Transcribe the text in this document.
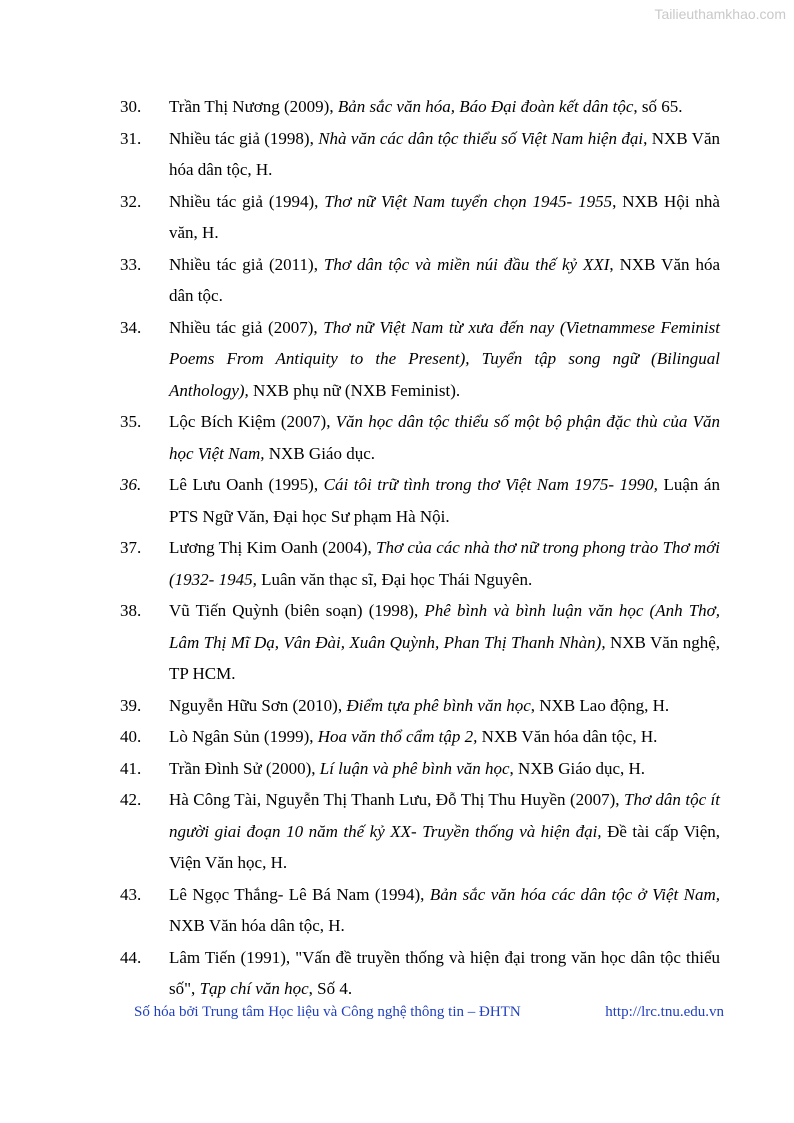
Tailieuthamkhao.com
30.	Trần Thị Nương (2009), Bản sắc văn hóa, Báo Đại đoàn kết dân tộc, số 65.
31.	Nhiều tác giả (1998), Nhà văn các dân tộc thiểu số Việt Nam hiện đại, NXB Văn hóa dân tộc, H.
32.	Nhiều tác giả (1994), Thơ nữ Việt Nam tuyển chọn 1945- 1955, NXB Hội nhà văn, H.
33.	Nhiều tác giả (2011), Thơ dân tộc và miền núi đầu thế kỷ XXI, NXB Văn hóa dân tộc.
34.	Nhiều tác giả (2007), Thơ nữ Việt Nam từ xưa đến nay (Vietnammese Feminist Poems From Antiquity to the Present), Tuyển tập song ngữ (Bilingual Anthology), NXB phụ nữ (NXB Feminist).
35.	Lộc Bích Kiệm (2007), Văn học dân tộc thiểu số một bộ phận đặc thù của Văn học Việt Nam, NXB Giáo dục.
36.	Lê Lưu Oanh (1995), Cái tôi trữ tình trong thơ Việt Nam 1975- 1990, Luận án PTS Ngữ Văn, Đại học Sư phạm Hà Nội.
37.	Lương Thị Kim Oanh (2004), Thơ của các nhà thơ nữ trong phong trào Thơ mới (1932- 1945, Luân văn thạc sĩ, Đại học Thái Nguyên.
38.	Vũ Tiến Quỳnh (biên soạn) (1998), Phê bình và bình luận văn học (Anh Thơ, Lâm Thị Mĩ Dạ, Vân Đài, Xuân Quỳnh, Phan Thị Thanh Nhàn), NXB Văn nghệ, TP HCM.
39.	Nguyễn Hữu Sơn (2010), Điểm tựa phê bình văn học, NXB Lao động, H.
40.	Lò Ngân Sủn (1999), Hoa văn thổ cẩm tập 2, NXB Văn hóa dân tộc, H.
41.	Trần Đình Sử (2000), Lí luận và phê bình văn học, NXB Giáo dục, H.
42.	Hà Công Tài, Nguyễn Thị Thanh Lưu, Đỗ Thị Thu Huyền (2007), Thơ dân tộc ít người giai đoạn 10 năm thế kỷ XX- Truyền thống và hiện đại, Đề tài cấp Viện, Viện Văn học, H.
43.	Lê Ngọc Thắng- Lê Bá Nam (1994), Bản sắc văn hóa các dân tộc ở Việt Nam, NXB Văn hóa dân tộc, H.
44.	Lâm Tiến (1991), "Vấn đề truyền thống và hiện đại trong văn học dân tộc thiểu số", Tạp chí văn học, Số 4.
Số hóa bởi Trung tâm Học liệu và Công nghệ thông tin – ĐHTN	http://lrc.tnu.edu.vn
